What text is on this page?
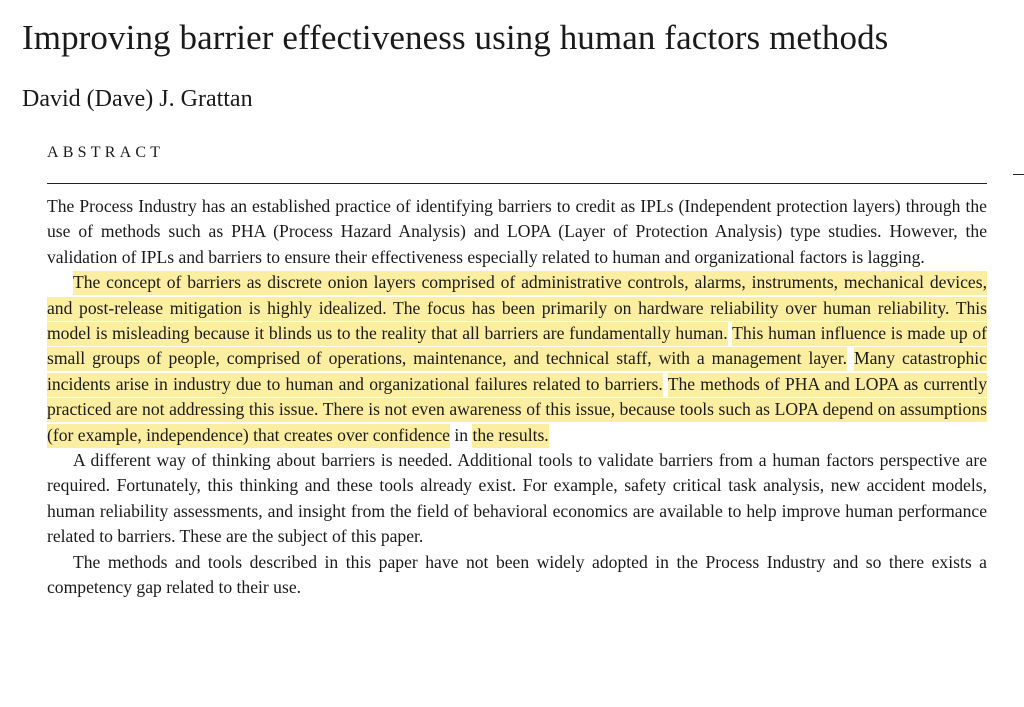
Improving barrier effectiveness using human factors methods
David (Dave) J. Grattan
ABSTRACT

The Process Industry has an established practice of identifying barriers to credit as IPLs (Independent protection layers) through the use of methods such as PHA (Process Hazard Analysis) and LOPA (Layer of Protection Analysis) type studies. However, the validation of IPLs and barriers to ensure their effectiveness especially related to human and organizational factors is lagging.

The concept of barriers as discrete onion layers comprised of administrative controls, alarms, instruments, mechanical devices, and post-release mitigation is highly idealized. The focus has been primarily on hardware reliability over human reliability. This model is misleading because it blinds us to the reality that all barriers are fundamentally human. This human influence is made up of small groups of people, comprised of operations, maintenance, and technical staff, with a management layer. Many catastrophic incidents arise in industry due to human and organizational failures related to barriers. The methods of PHA and LOPA as currently practiced are not addressing this issue. There is not even awareness of this issue, because tools such as LOPA depend on assumptions (for example, independence) that creates over confidence in the results.

A different way of thinking about barriers is needed. Additional tools to validate barriers from a human factors perspective are required. Fortunately, this thinking and these tools already exist. For example, safety critical task analysis, new accident models, human reliability assessments, and insight from the field of behavioral economics are available to help improve human performance related to barriers. These are the subject of this paper.

The methods and tools described in this paper have not been widely adopted in the Process Industry and so there exists a competency gap related to their use.
